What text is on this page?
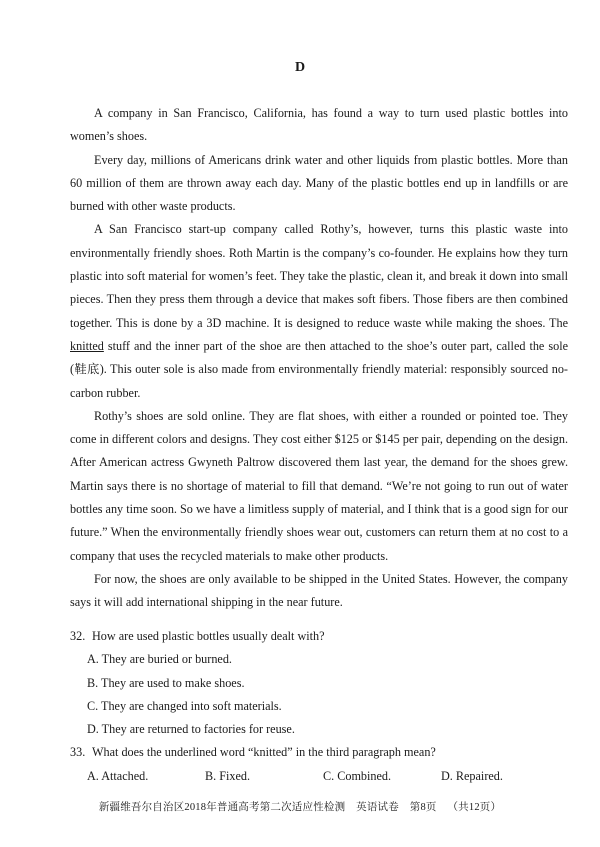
D

A company in San Francisco, California, has found a way to turn used plastic bottles into women’s shoes.

Every day, millions of Americans drink water and other liquids from plastic bottles. More than 60 million of them are thrown away each day. Many of the plastic bottles end up in landfills or are burned with other waste products.

A San Francisco start-up company called Rothy’s, however, turns this plastic waste into environmentally friendly shoes. Roth Martin is the company’s co-founder. He explains how they turn plastic into soft material for women’s feet. They take the plastic, clean it, and break it down into small pieces. Then they press them through a device that makes soft fibers. Those fibers are then combined together. This is done by a 3D machine. It is designed to reduce waste while making the shoes. The knitted stuff and the inner part of the shoe are then attached to the shoe’s outer part, called the sole (鞋底). This outer sole is also made from environmentally friendly material: responsibly sourced no-carbon rubber.

Rothy’s shoes are sold online. They are flat shoes, with either a rounded or pointed toe. They come in different colors and designs. They cost either $125 or $145 per pair, depending on the design. After American actress Gwyneth Paltrow discovered them last year, the demand for the shoes grew. Martin says there is no shortage of material to fill that demand. “We’re not going to run out of water bottles any time soon. So we have a limitless supply of material, and I think that is a good sign for our future.” When the environmentally friendly shoes wear out, customers can return them at no cost to a company that uses the recycled materials to make other products.

For now, the shoes are only available to be shipped in the United States. However, the company says it will add international shipping in the near future.

32. How are used plastic bottles usually dealt with?

A. They are buried or burned.

B. They are used to make shoes.

C. They are changed into soft materials.

D. They are returned to factories for reuse.

33. What does the underlined word “knitted” in the third paragraph mean?

A. Attached.	B. Fixed.	C. Combined.	D. Repaired.
新疆维吾尔自治区2018年普通高考第二次适应性检测 英语试卷 第8页 （共12页）
